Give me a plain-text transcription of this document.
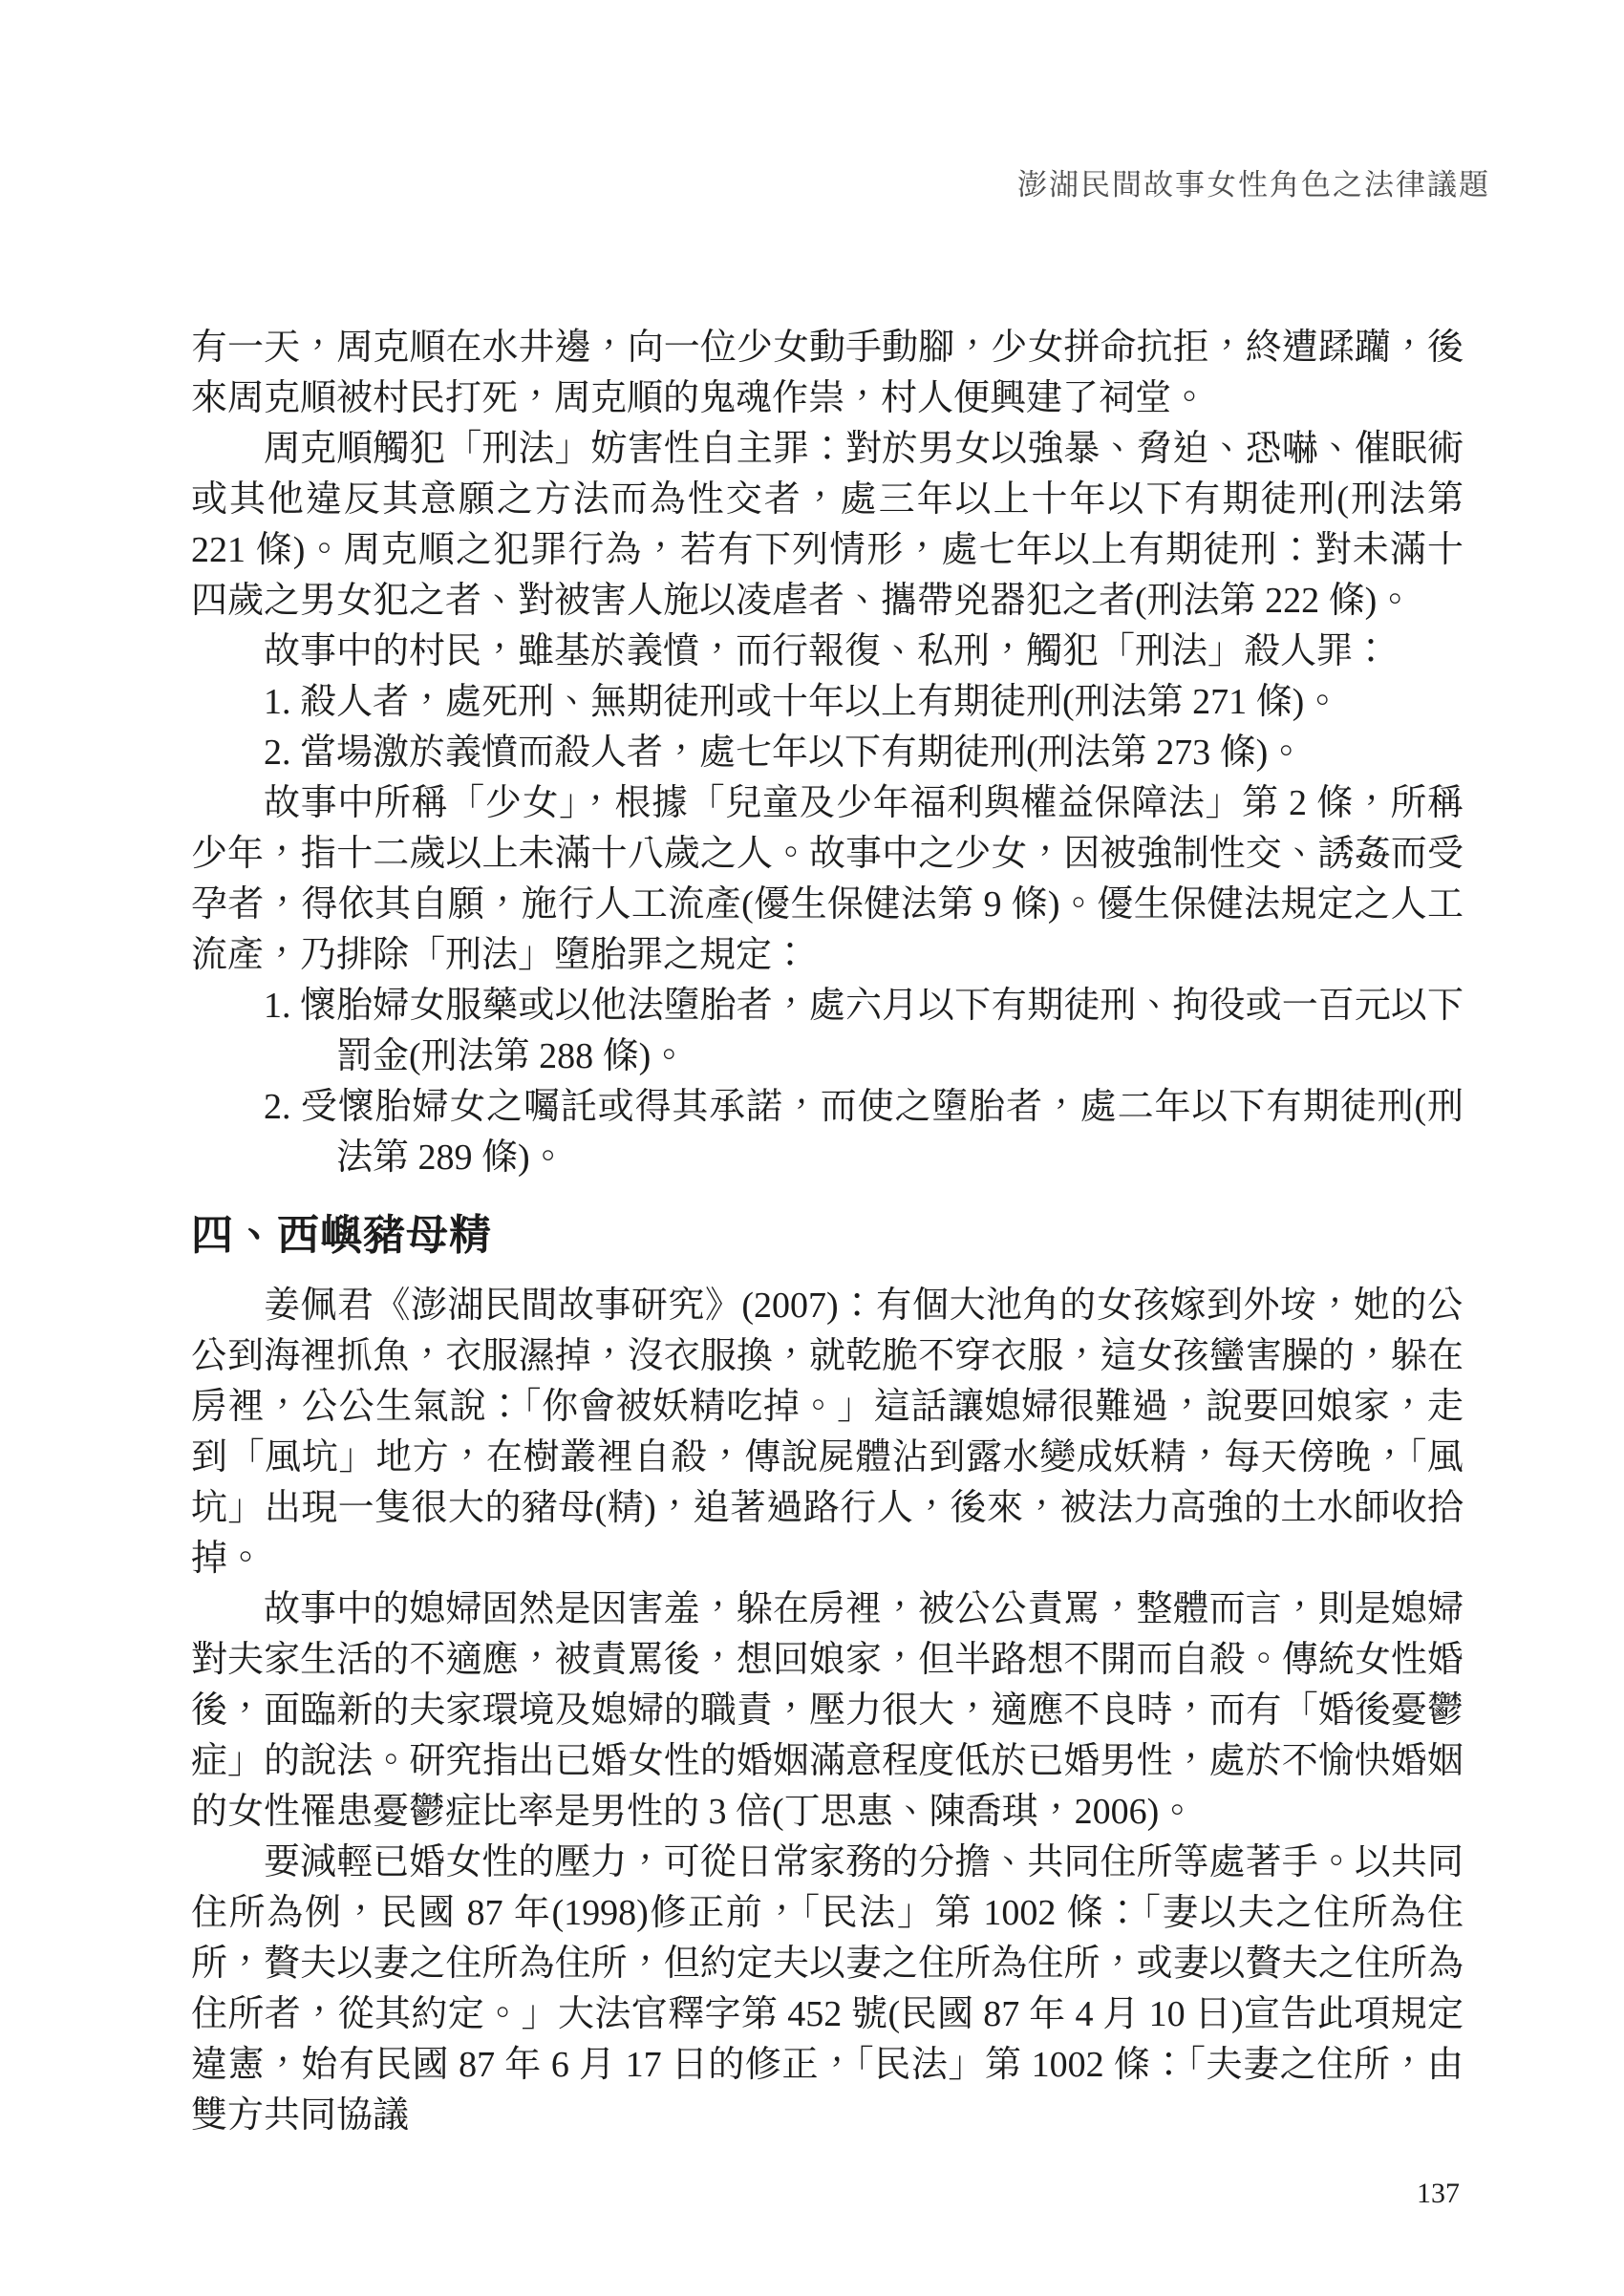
澎湖民間故事女性角色之法律議題

有一天，周克順在水井邊，向一位少女動手動腳，少女拼命抗拒，終遭蹂躪，後來周克順被村民打死，周克順的鬼魂作祟，村人便興建了祠堂。

周克順觸犯「刑法」妨害性自主罪：對於男女以強暴、脅迫、恐嚇、催眠術或其他違反其意願之方法而為性交者，處三年以上十年以下有期徒刑(刑法第 221 條)。周克順之犯罪行為，若有下列情形，處七年以上有期徒刑：對未滿十四歲之男女犯之者、對被害人施以凌虐者、攜帶兇器犯之者(刑法第 222 條)。

故事中的村民，雖基於義憤，而行報復、私刑，觸犯「刑法」殺人罪：

1. 殺人者，處死刑、無期徒刑或十年以上有期徒刑(刑法第 271 條)。

2. 當場激於義憤而殺人者，處七年以下有期徒刑(刑法第 273 條)。

故事中所稱「少女」，根據「兒童及少年福利與權益保障法」第 2 條，所稱少年，指十二歲以上未滿十八歲之人。故事中之少女，因被強制性交、誘姦而受孕者，得依其自願，施行人工流產(優生保健法第 9 條)。優生保健法規定之人工流產，乃排除「刑法」墮胎罪之規定：

1. 懷胎婦女服藥或以他法墮胎者，處六月以下有期徒刑、拘役或一百元以下罰金(刑法第 288 條)。

2. 受懷胎婦女之囑託或得其承諾，而使之墮胎者，處二年以下有期徒刑(刑法第 289 條)。

四、西嶼豬母精

姜佩君《澎湖民間故事研究》(2007)：有個大池角的女孩嫁到外垵，她的公公到海裡抓魚，衣服濕掉，沒衣服換，就乾脆不穿衣服，這女孩蠻害臊的，躲在房裡，公公生氣說：「你會被妖精吃掉。」這話讓媳婦很難過，說要回娘家，走到「風坑」地方，在樹叢裡自殺，傳說屍體沾到露水變成妖精，每天傍晚，「風坑」出現一隻很大的豬母(精)，追著過路行人，後來，被法力高強的土水師收拾掉。

故事中的媳婦固然是因害羞，躲在房裡，被公公責罵，整體而言，則是媳婦對夫家生活的不適應，被責罵後，想回娘家，但半路想不開而自殺。傳統女性婚後，面臨新的夫家環境及媳婦的職責，壓力很大，適應不良時，而有「婚後憂鬱症」的說法。研究指出已婚女性的婚姻滿意程度低於已婚男性，處於不愉快婚姻的女性罹患憂鬱症比率是男性的 3 倍(丁思惠、陳喬琪，2006)。

要減輕已婚女性的壓力，可從日常家務的分擔、共同住所等處著手。以共同住所為例，民國 87 年(1998)修正前，「民法」第 1002 條：「妻以夫之住所為住所，贅夫以妻之住所為住所，但約定夫以妻之住所為住所，或妻以贅夫之住所為住所者，從其約定。」大法官釋字第 452 號(民國 87 年 4 月 10 日)宣告此項規定違憲，始有民國 87 年 6 月 17 日的修正，「民法」第 1002 條：「夫妻之住所，由雙方共同協議

137
